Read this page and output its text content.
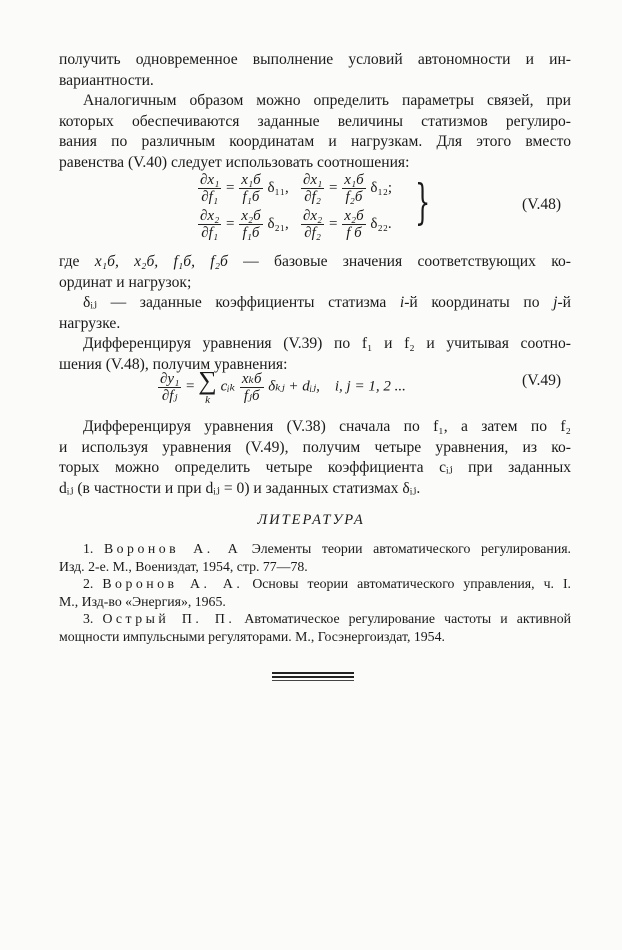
получить одновременное выполнение условий автономности и ин-
вариантности.
Аналогичным образом можно определить параметры связей, при
которых обеспечиваются заданные величины статизмов регулиро-
вания по различным координатам и нагрузкам. Для этого вместо
равенства (V.40) следует использовать соотношения:
$\frac{\text{∂x₁}}{\text{∂f₁}} = \frac{\text{x₁б}}{\text{f₁б}} \delta_{11}$, $\frac{\text{∂x₁}}{\text{∂f₂}} = \frac{\text{x₁б}}{\text{f₂б}} \delta_{12}$;
$\frac{\text{∂x₂}}{\text{∂f₁}} = \frac{\text{x₂б}}{\text{f₁б}} \delta_{21}$, $\frac{\text{∂x₂}}{\text{∂f₂}} = \frac{\text{x₂б}}{\text{f б}} \delta_{22}$. }	(V.48)
где x₁б, x₂б, f₁б, f₂б — базовые значения соответствующих ко-
ординат и нагрузок;
δᵢⱼ — заданные коэффициенты статизма i-й координаты по j-й
нагрузке.
Дифференцируя уравнения (V.39) по f₁ и f₂ и учитывая соотно-
шения (V.48), получим уравнения:
$\frac{\text{∂y₁}}{\text{∂fⱼ}}$ = ∑
k
cᵢₖ $\frac{\text{xₖб}}{\text{fⱼб}}$ δₖⱼ + dᵢⱼ, i, j = 1, 2 ...	(V.49)
Дифференцируя уравнения (V.38) сначала по f₁, а затем по f₂
и используя уравнения (V.49), получим четыре уравнения, из ко-
торых можно определить четыре коэффициента cᵢⱼ при заданных
dᵢⱼ (в частности и при dᵢⱼ = 0) и заданных статизмах δᵢⱼ.
ЛИТЕРАТУРА
1. Воронов А. А Элементы теории автоматического регулирования.
Изд. 2-е. М., Воениздат, 1954, стр. 77—78.
2. Воронов А. А. Основы теории автоматического управления, ч. I.
М., Изд-во «Энергия», 1965.
3. Острый П. П. Автоматическое регулирование частоты и активной
мощности импульсными регуляторами. М., Госэнергоиздат, 1954.
